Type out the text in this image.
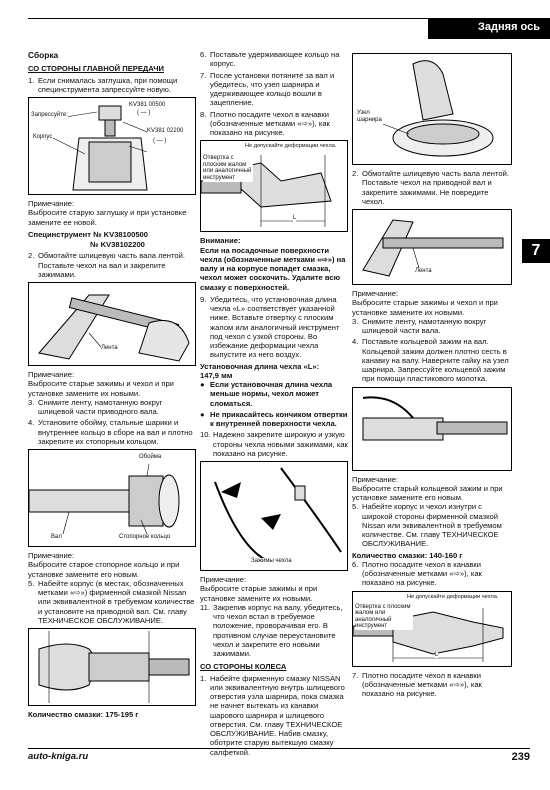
Задняя ось
7
Сборка
СО СТОРОНЫ ГЛАВНОЙ ПЕРЕДАЧИ
1. Если снималась заглушка, при помощи специнструмента запрессуйте новую.
KV381 00500
( — )
Запрессуйте:
Корпус
KV381 02200
( — )
Примечание:
Выбросите старую заглушку и при установке замените ее новой.
Специнструмент № KV38100500
№ KV38102200
2. Обмотайте шлицевую часть вала лентой. Поставьте чехол на вал и закрепите зажимами.
Лента
Примечание:
Выбросите старые зажимы и чехол и при установке замените их новыми.
3. Снимите ленту, намотанную вокруг шлицевой части приводного вала.
4. Установите обойму, стальные шарики и внутреннее кольцо в сборе на вал и плотно закрепите их стопорным кольцом.
Обойма
Вал	Стопорное кольцо
Примечание:
Выбросите старое стопорное кольцо и при установке замените его новым.
5. Набейте корпус (в местах, обозначенных метками «⇨») фирменной смазкой Nissan или эквивалентной в требуемом количестве и установите на приводной вал. См. главу ТЕХНИЧЕСКОЕ ОБСЛУЖИВАНИЕ.
Количество смазки: 175-195 г
6. Поставьте удерживающее кольцо на корпус.
7. После установки потяните за вал и убедитесь, что узел шарнира и удерживающее кольцо вошли в зацепление.
8. Плотно посадите чехол в канавки (обозначенные метками «⇨»), как показано на рисунке.
Не допускайте деформации чехла.
Отвертка с плоским жалом или аналогичный инструмент
L
Внимание:
Если на посадочные поверхности чехла (обозначенные метками «⇨») на валу и на корпусе попадет смазка, чехол может соскочить. Удалите всю смазку с поверхностей.
9. Убедитесь, что установочная длина чехла «L» соответствует указанной ниже. Вставьте отвертку с плоским жалом или аналогичный инструмент под чехол с узкой стороны. Во избежание деформации чехла выпустите из него воздух.
Установочная длина чехла «L»:
147,9 мм
● Если установочная длина чехла меньше нормы, чехол может сломаться.
● Не прикасайтесь кончиком отвертки к внутренней поверхности чехла.
10. Надежно закрепите широкую и узкую стороны чехла новыми зажимами, как показано на рисунке.
Зажимы чехла
Примечание:
Выбросите старые зажимы и при установке замените их новыми.
11. Закрепив корпус на валу, убедитесь, что чехол встал в требуемое положение, проворачивая его. В противном случае переустановите чехол и закрепите его новыми зажимами.
СО СТОРОНЫ КОЛЕСА
1. Набейте фирменную смазку NISSAN или эквивалентную внутрь шлицевого отверстия узла шарнира, пока смазка не начнет вытекать из канавки шарового шарнира и шлицевого отверстия. См. главу ТЕХНИЧЕСКОЕ ОБСЛУЖИВАНИЕ. Набив смазку, оботрите старую вытекшую смазку салфеткой.
Узел шарнира
2. Обмотайте шлицевую часть вала лентой. Поставьте чехол на приводной вал и закрепите зажимами. Не повредите чехол.
Лента
Примечание:
Выбросите старые зажимы и чехол и при установке замените их новыми.
3. Снимите ленту, намотанную вокруг шлицевой части вала.
4. Поставьте кольцевой зажим на вал. Кольцевой зажим должен плотно сесть в канавку на валу. Наверните гайку на узел шарнира. Запрессуйте кольцевой зажим при помощи пластикового молотка.
Примечание:
Выбросите старый кольцевой зажим и при установке замените его новым.
5. Набейте корпус и чехол изнутри с широкой стороны фирменной смазкой Nissan или эквивалентной в требуемом количестве. См. главу ТЕХНИЧЕСКОЕ ОБСЛУЖИВАНИЕ.
Количество смазки: 140-160 г
6. Плотно посадите чехол в канавки (обозначенные метками «⇨»), как показано на рисунке.
Не допускайте деформации чехла.
Отвертка с плоским жалом или аналогичный инструмент
L
7. Плотно посадите чехол в канавки (обозначенные метками «⇨»), как показано на рисунке.
auto-kniga.ru	239
